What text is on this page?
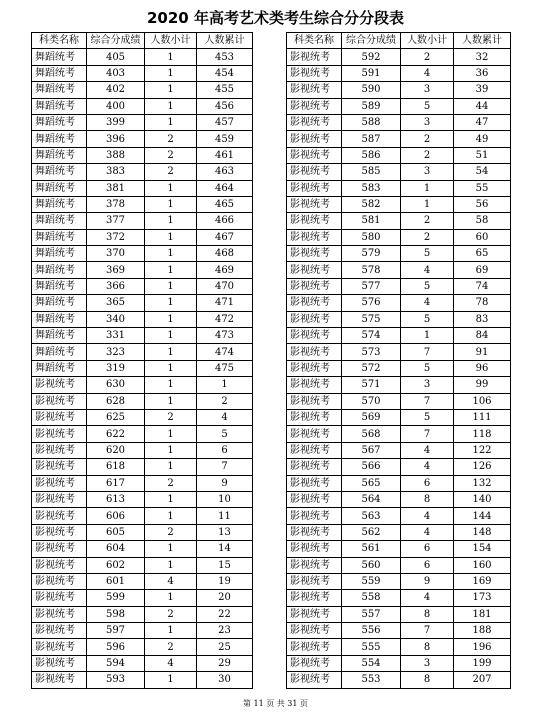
2020 年高考艺术类考生综合分分段表
科类名称	综合分成绩	人数小计	人数累计
舞蹈统考	405	1	453
舞蹈统考	403	1	454
舞蹈统考	402	1	455
舞蹈统考	400	1	456
舞蹈统考	399	1	457
舞蹈统考	396	2	459
舞蹈统考	388	2	461
舞蹈统考	383	2	463
舞蹈统考	381	1	464
舞蹈统考	378	1	465
舞蹈统考	377	1	466
舞蹈统考	372	1	467
舞蹈统考	370	1	468
舞蹈统考	369	1	469
舞蹈统考	366	1	470
舞蹈统考	365	1	471
舞蹈统考	340	1	472
舞蹈统考	331	1	473
舞蹈统考	323	1	474
舞蹈统考	319	1	475
影视统考	630	1	1
影视统考	628	1	2
影视统考	625	2	4
影视统考	622	1	5
影视统考	620	1	6
影视统考	618	1	7
影视统考	617	2	9
影视统考	613	1	10
影视统考	606	1	11
影视统考	605	2	13
影视统考	604	1	14
影视统考	602	1	15
影视统考	601	4	19
影视统考	599	1	20
影视统考	598	2	22
影视统考	597	1	23
影视统考	596	2	25
影视统考	594	4	29
影视统考	593	1	30
科类名称	综合分成绩	人数小计	人数累计
影视统考	592	2	32
影视统考	591	4	36
影视统考	590	3	39
影视统考	589	5	44
影视统考	588	3	47
影视统考	587	2	49
影视统考	586	2	51
影视统考	585	3	54
影视统考	583	1	55
影视统考	582	1	56
影视统考	581	2	58
影视统考	580	2	60
影视统考	579	5	65
影视统考	578	4	69
影视统考	577	5	74
影视统考	576	4	78
影视统考	575	5	83
影视统考	574	1	84
影视统考	573	7	91
影视统考	572	5	96
影视统考	571	3	99
影视统考	570	7	106
影视统考	569	5	111
影视统考	568	7	118
影视统考	567	4	122
影视统考	566	4	126
影视统考	565	6	132
影视统考	564	8	140
影视统考	563	4	144
影视统考	562	4	148
影视统考	561	6	154
影视统考	560	6	160
影视统考	559	9	169
影视统考	558	4	173
影视统考	557	8	181
影视统考	556	7	188
影视统考	555	8	196
影视统考	554	3	199
影视统考	553	8	207
第 11 页 共 31 页
